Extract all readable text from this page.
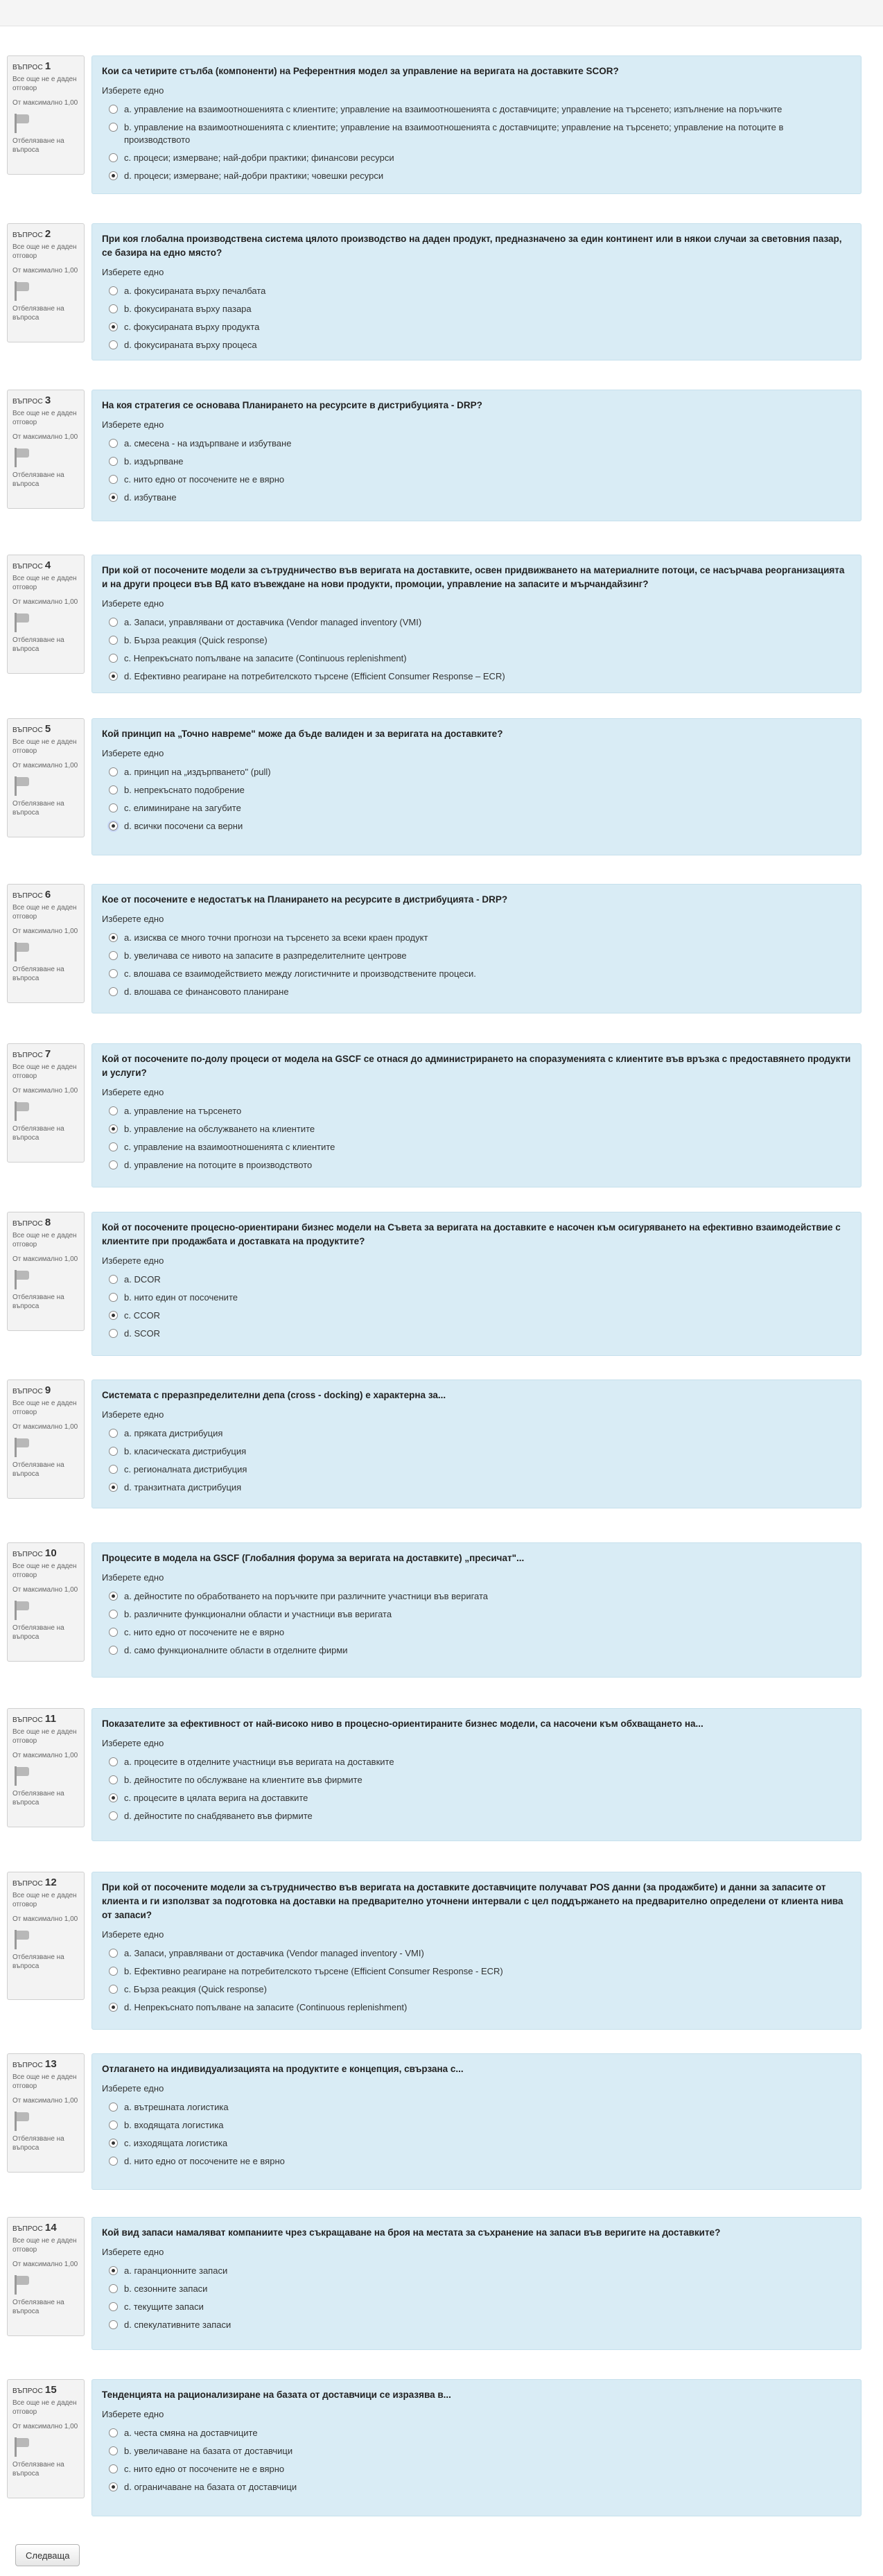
ВЪПРОС 1
Все още не е даден отговор
От максимално 1,00
Отбелязване на въпроса
Кои са четирите стълба (компоненти) на Референтния модел за управление на веригата на доставките SCOR?
Изберете едно
a. управление на взаимоотношенията с клиентите; управление на взаимоотношенията с доставчиците; управление на търсенето; изпълнение на поръчките
b. управление на взаимоотношенията с клиентите; управление на взаимоотношенията с доставчиците; управление на търсенето; управление на потоците в производството
c. процеси; измерване; най-добри практики; финансови ресурси
d. процеси; измерване; най-добри практики; човешки ресурси
ВЪПРОС 2
Все още не е даден отговор
От максимално 1,00
Отбелязване на въпроса
При коя глобална производствена система цялото производство на даден продукт, предназначено за един континент или в някои случаи за световния пазар, се базира на едно място?
Изберете едно
a. фокусираната върху печалбата
b. фокусираната върху пазара
c. фокусираната върху продукта
d. фокусираната върху процеса
ВЪПРОС 3
Все още не е даден отговор
От максимално 1,00
Отбелязване на въпроса
На коя стратегия се основава Планирането на ресурсите в дистрибуцията - DRP?
Изберете едно
a. смесена - на издърпване и избутване
b. издърпване
c. нито едно от посочените не е вярно
d. избутване
ВЪПРОС 4
Все още не е даден отговор
От максимално 1,00
Отбелязване на въпроса
При кой от посочените модели за сътрудничество във веригата на доставките, освен придвижването на материалните потоци, се насърчава реорганизацията и на други процеси във ВД като въвеждане на нови продукти, промоции, управление на запасите и мърчандайзинг?
Изберете едно
a. Запаси, управлявани от доставчика (Vendor managed inventory (VMI)
b. Бърза реакция (Quick response)
c. Непрекъснато попълване на запасите (Continuous replenishment)
d. Ефективно реагиране на потребителското търсене (Efficient Consumer Response – ECR)
ВЪПРОС 5
Все още не е даден отговор
От максимално 1,00
Отбелязване на въпроса
Кой принцип на „Точно навреме" може да бъде валиден и за веригата на доставките?
Изберете едно
a. принцип на „издърпването" (pull)
b. непрекъснато подобрение
c. елиминиране на загубите
d. всички посочени са верни
ВЪПРОС 6
Все още не е даден отговор
От максимално 1,00
Отбелязване на въпроса
Кое от посочените е недостатък на Планирането на ресурсите в дистрибуцията - DRP?
Изберете едно
a. изисква се много точни прогнози на търсенето за всеки краен продукт
b. увеличава се нивото на запасите в разпределителните центрове
c. влошава се взаимодействието между логистичните и производствените процеси.
d. влошава се финансовото планиране
ВЪПРОС 7
Все още не е даден отговор
От максимално 1,00
Отбелязване на въпроса
Кой от посочените по-долу процеси от модела на GSCF се отнася до администрирането на споразуменията с клиентите във връзка с предоставянето продукти и услуги?
Изберете едно
a. управление на търсенето
b. управление на обслужването на клиентите
c. управление на взаимоотношенията с клиентите
d. управление на потоците в производството
ВЪПРОС 8
Все още не е даден отговор
От максимално 1,00
Отбелязване на въпроса
Кой от посочените процесно-ориентирани бизнес модели на Съвета за веригата на доставките е насочен към осигуряването на ефективно взаимодействие с клиентите при продажбата и доставката на продуктите?
Изберете едно
a. DCOR
b. нито един от посочените
c. CCOR
d. SCOR
ВЪПРОС 9
Все още не е даден отговор
От максимално 1,00
Отбелязване на въпроса
Системата с преразпределителни депа (cross - docking) е характерна за...
Изберете едно
a. пряката дистрибуция
b. класическата дистрибуция
c. регионалната дистрибуция
d. транзитната дистрибуция
ВЪПРОС 10
Все още не е даден отговор
От максимално 1,00
Отбелязване на въпроса
Процесите в модела на GSCF (Глобалния форума за веригата на доставките) „пресичат"...
Изберете едно
a. дейностите по обработването на поръчките при различните участници във веригата
b. различните функционални области и участници във веригата
c. нито едно от посочените не е вярно
d. само функционалните области в отделните фирми
ВЪПРОС 11
Все още не е даден отговор
От максимално 1,00
Отбелязване на въпроса
Показателите за ефективност от най-високо ниво в процесно-ориентираните бизнес модели, са насочени към обхващането на...
Изберете едно
a. процесите в отделните участници във веригата на доставките
b. дейностите по обслужване на клиентите във фирмите
c. процесите в цялата верига на доставките
d. дейностите по снабдяването във фирмите
ВЪПРОС 12
Все още не е даден отговор
От максимално 1,00
Отбелязване на въпроса
При кой от посочените модели за сътрудничество във веригата на доставките доставчиците получават POS данни (за продажбите) и данни за запасите от клиента и ги използват за подготовка на доставки на предварително уточнени интервали с цел поддържането на предварително определени от клиента нива от запаси?
Изберете едно
a. Запаси, управлявани от доставчика (Vendor managed inventory - VMI)
b. Ефективно реагиране на потребителското търсене (Efficient Consumer Response - ECR)
c. Бърза реакция (Quick response)
d. Непрекъснато попълване на запасите (Continuous replenishment)
ВЪПРОС 13
Все още не е даден отговор
От максимално 1,00
Отбелязване на въпроса
Отлагането на индивидуализацията на продуктите е концепция, свързана с...
Изберете едно
a. вътрешната логистика
b. входящата логистика
c. изходящата логистика
d. нито едно от посочените не е вярно
ВЪПРОС 14
Все още не е даден отговор
От максимално 1,00
Отбелязване на въпроса
Кой вид запаси намаляват компаниите чрез съкращаване на броя на местата за съхранение на запаси във веригите на доставките?
Изберете едно
a. гаранционните запаси
b. сезонните запаси
c. текущите запаси
d. спекулативните запаси
ВЪПРОС 15
Все още не е даден отговор
От максимално 1,00
Отбелязване на въпроса
Тенденцията на рационализиране на базата от доставчици се изразява в...
Изберете едно
a. честа смяна на доставчиците
b. увеличаване на базата от доставчици
c. нито едно от посочените не е вярно
d. ограничаване на базата от доставчици
Следваща
